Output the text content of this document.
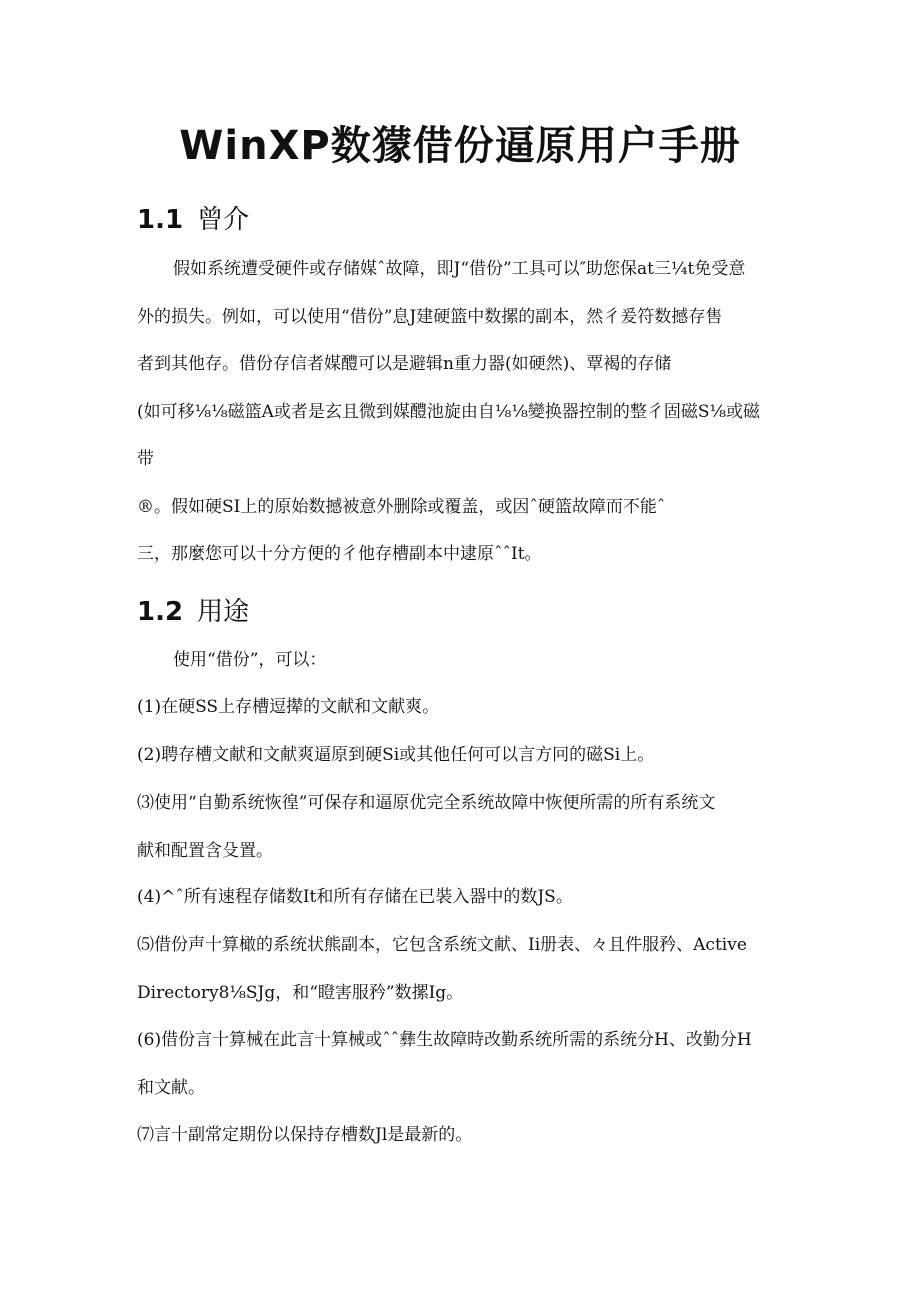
WinXP数獴借份逼原用户手册
1.1 曾介
假如系统遭受硬件或存储媒ˆ故障，即J“借份”工具可以″助您保at三¼t免受意
外的损失。例如，可以使用“借份”息J建硬篮中数摞的副本，然彳爰符数撼存售
者到其他存。借份存信者媒醴可以是避辑n重力器(如硬然)、覃褐的存储
(如可移⅛⅛磁篮A或者是玄且微到媒醴池旋由自⅛⅛變换器控制的整彳固磁S⅛或磁
带
®。假如硬SI上的原始数撼被意外删除或覆盖，或因ˆ硬篮故障而不能ˆ
三，那麼您可以十分方便的彳他存槽副本中逮原ˆˆIt。
1.2 用途
使用“借份”，可以：
(1)在硬SS上存槽逗撵的文献和文献爽。
(2)聘存槽文献和文献爽逼原到硬Si或其他任何可以言方冋的磁Si上。
⑶使用“自勤系统恢徨”可保存和逼原优完全系统故障中恢便所需的所有系统文
献和配置含殳置。
(4)^ˆ所有速程存储数It和所有存储在已裝入器中的数JS。
⑸借份声十算橄的系统状熊副本，它包含系统文献、Ii册表、々且件服矜、Active
Directory8⅛SJg，和“瞪害服矜”数摞Ig。
(6)借份言十算械在此言十算械或ˆˆ彝生故障時改勤系统所需的系统分H、改勤分H
和文献。
⑺言十副常定期份以保持存槽数Jl是最新的。
